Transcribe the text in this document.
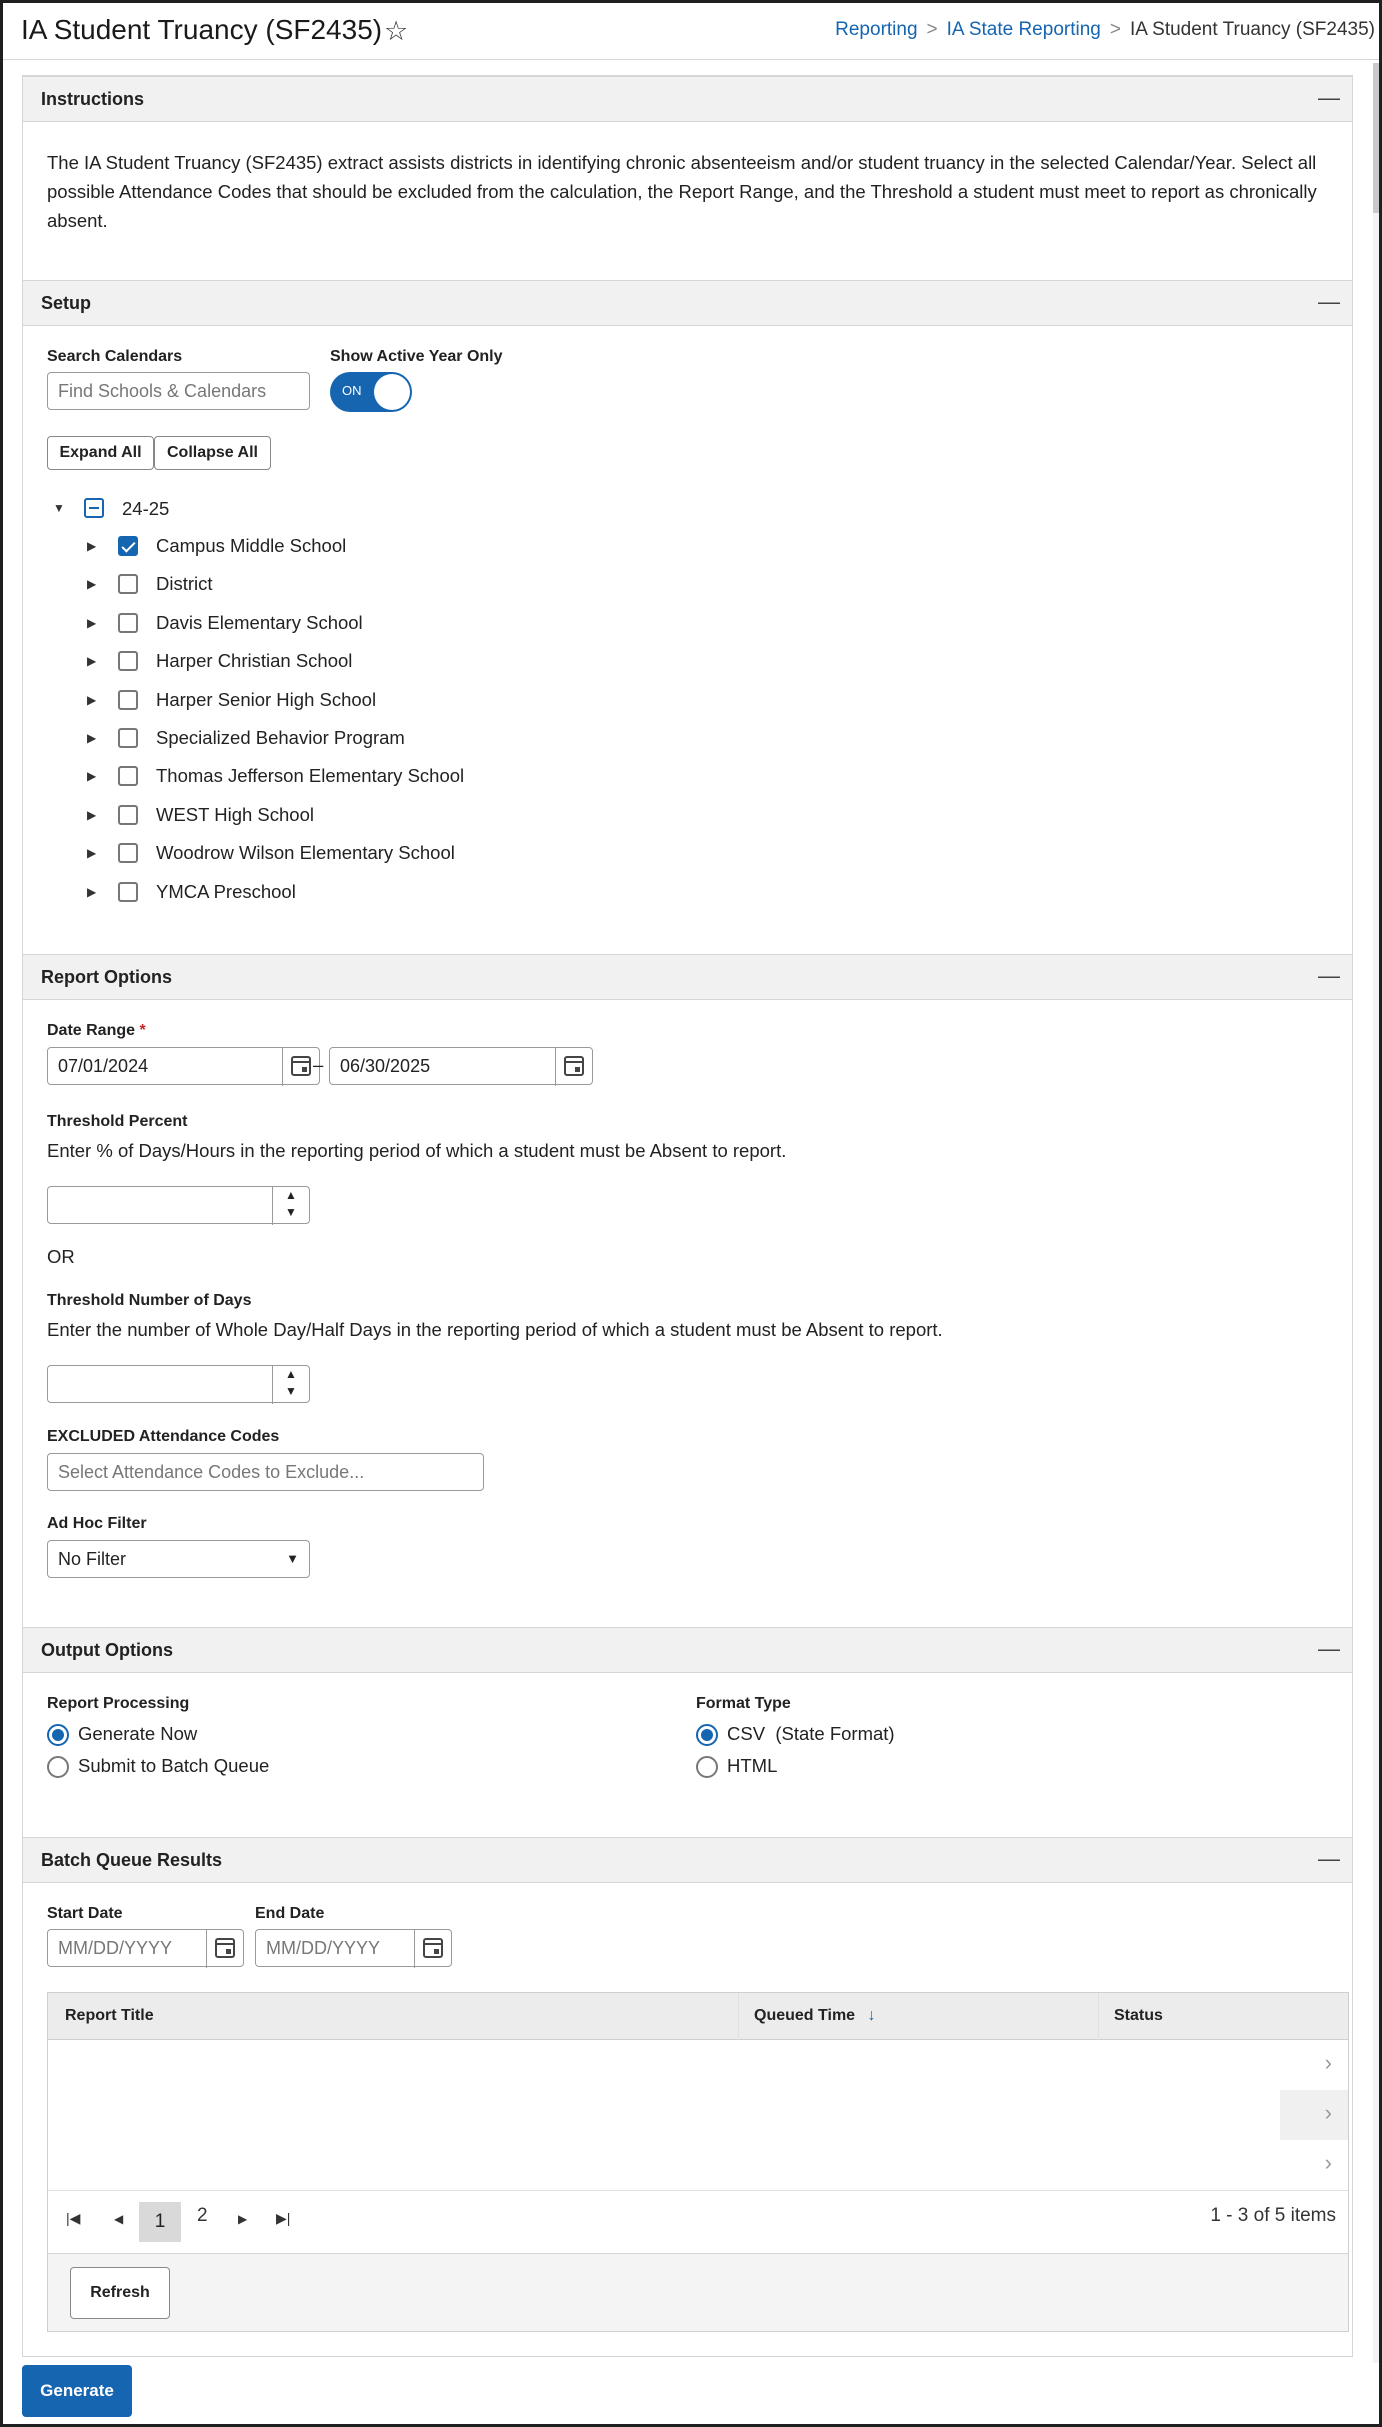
IA Student Truancy (SF2435) ☆	Reporting > IA State Reporting > IA Student Truancy (SF2435)
Instructions	—
The IA Student Truancy (SF2435) extract assists districts in identifying chronic absenteeism and/or student truancy in the selected Calendar/Year. Select all possible Attendance Codes that should be excluded from the calculation, the Report Range, and the Threshold a student must meet to report as chronically absent.
Setup	—
Search Calendars
Find Schools & Calendars
Show Active Year Only
ON
Expand All	Collapse All
▼	24-25
▶	Campus Middle School
▶	District
▶	Davis Elementary School
▶	Harper Christian School
▶	Harper Senior High School
▶	Specialized Behavior Program
▶	Thomas Jefferson Elementary School
▶	WEST High School
▶	Woodrow Wilson Elementary School
▶	YMCA Preschool
Report Options	—
Date Range *
07/01/2024	– 06/30/2025
Threshold Percent
Enter % of Days/Hours in the reporting period of which a student must be Absent to report.
▲
▼
OR
Threshold Number of Days
Enter the number of Whole Day/Half Days in the reporting period of which a student must be Absent to report.
▲
▼
EXCLUDED Attendance Codes
Select Attendance Codes to Exclude...
Ad Hoc Filter
No Filter	▼
Output Options	—
Report Processing
Generate Now
Submit to Batch Queue
Format Type
CSV  (State Format)
HTML
Batch Queue Results	—
Start Date
MM/DD/YYYY
End Date
MM/DD/YYYY
Report Title	Queued Time ↓	Status
›
›
›
|◀	◀	1	2	▶ ▶|	1 - 3 of 5 items
Refresh
Generate
